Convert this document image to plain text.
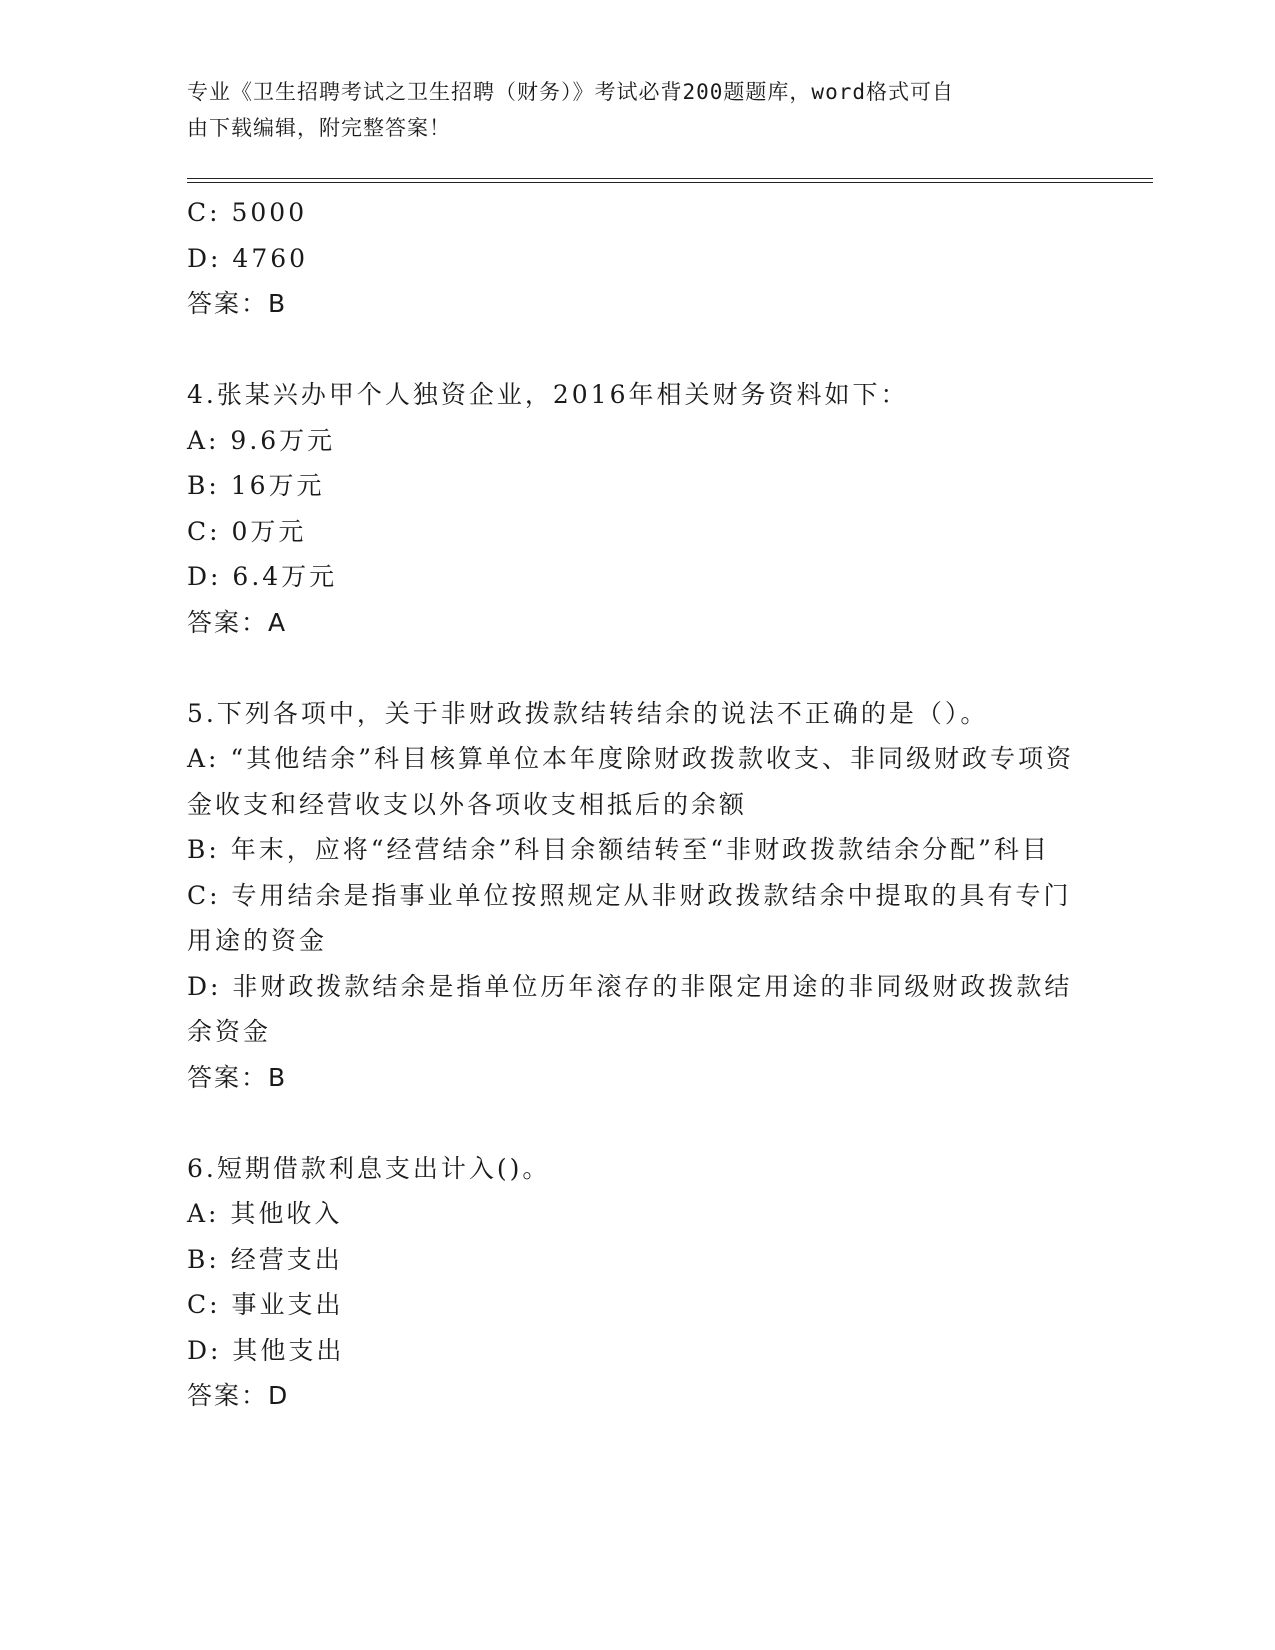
专业《卫生招聘考试之卫生招聘（财务）》考试必背200题题库，word格式可自
由下载编辑，附完整答案！
C: 5000
D: 4760
答案：B
4.张某兴办甲个人独资企业，2016年相关财务资料如下：
A: 9.6万元
B: 16万元
C: 0万元
D: 6.4万元
答案：A
5.下列各项中，关于非财政拨款结转结余的说法不正确的是（）。
A: “其他结余”科目核算单位本年度除财政拨款收支、非同级财政专项资金收支和经营收支以外各项收支相抵后的余额
B: 年末，应将“经营结余”科目余额结转至“非财政拨款结余分配”科目
C: 专用结余是指事业单位按照规定从非财政拨款结余中提取的具有专门用途的资金
D: 非财政拨款结余是指单位历年滚存的非限定用途的非同级财政拨款结余资金
答案：B
6.短期借款利息支出计入()。
A: 其他收入
B: 经营支出
C: 事业支出
D: 其他支出
答案：D
